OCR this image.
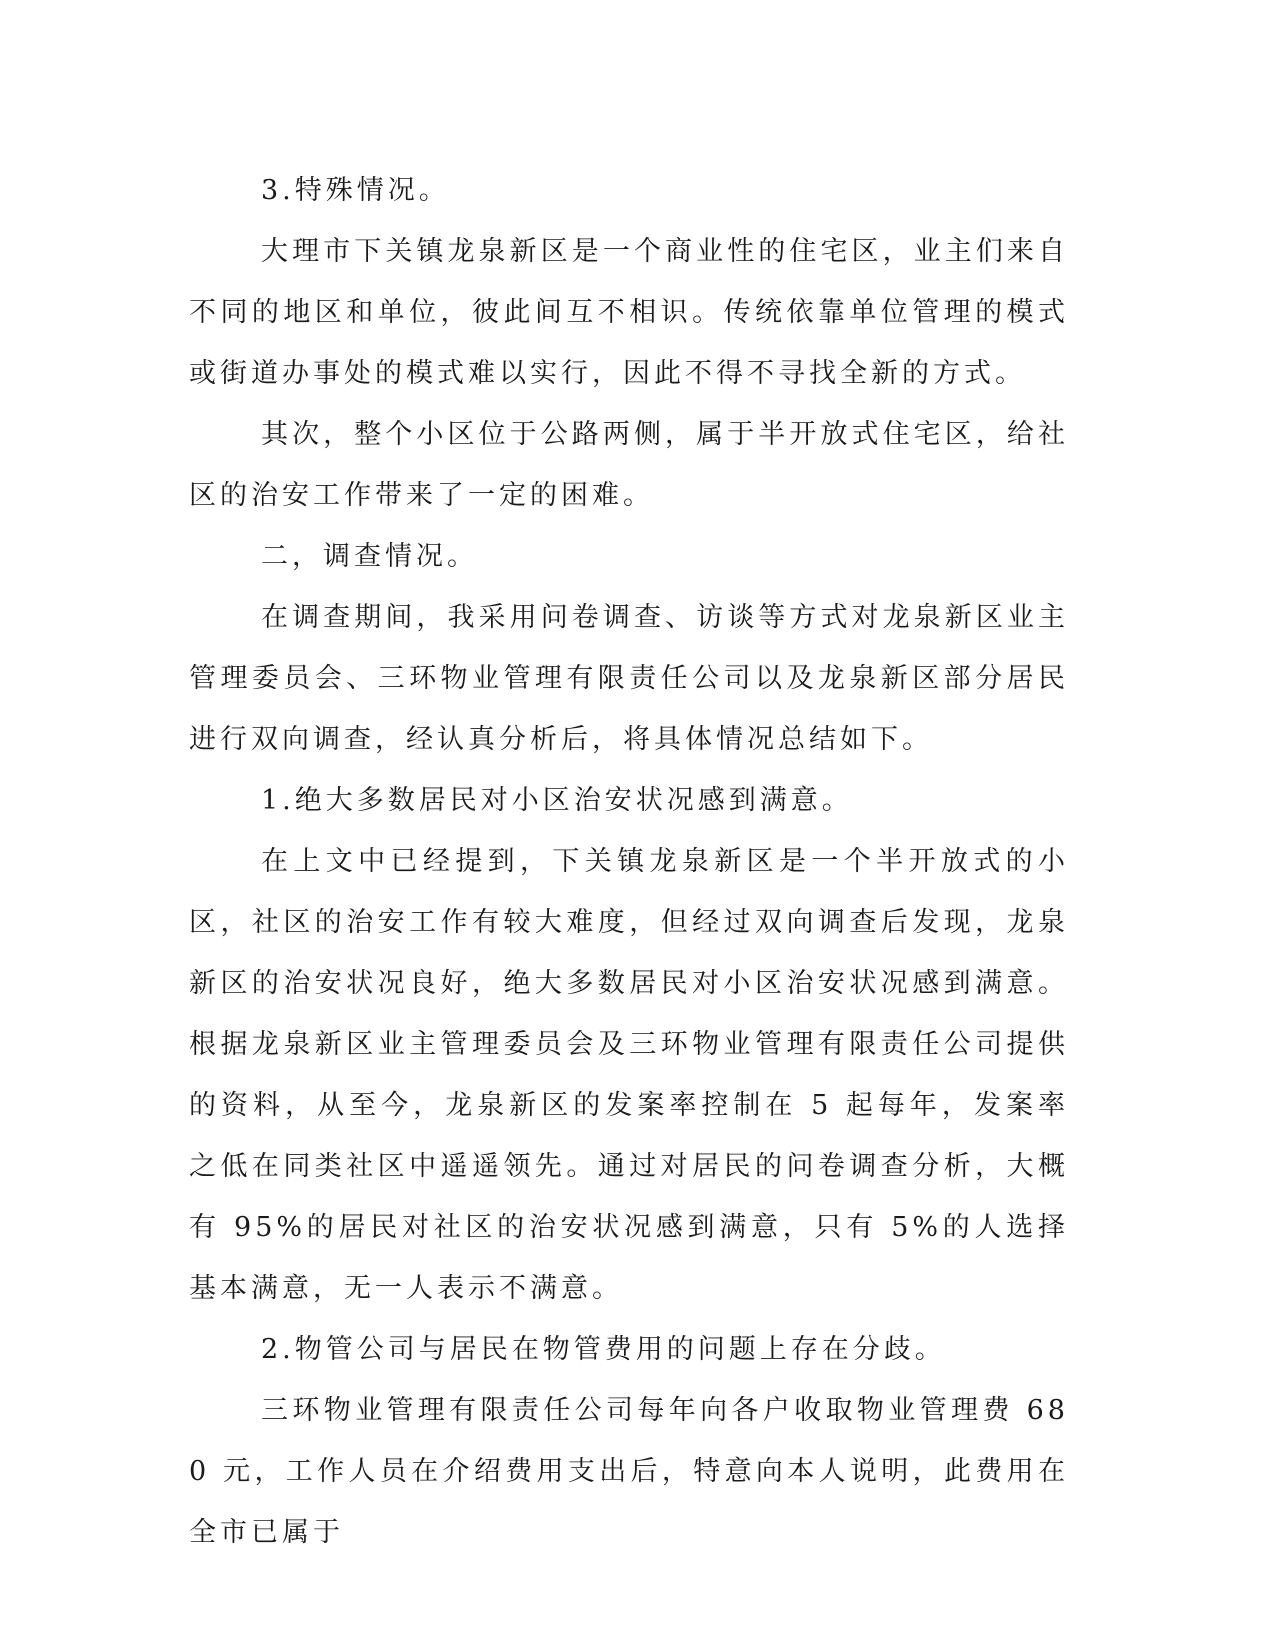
3.特殊情况。

大理市下关镇龙泉新区是一个商业性的住宅区，业主们来自不同的地区和单位，彼此间互不相识。传统依靠单位管理的模式或街道办事处的模式难以实行，因此不得不寻找全新的方式。

其次，整个小区位于公路两侧，属于半开放式住宅区，给社区的治安工作带来了一定的困难。

二，调查情况。

在调查期间，我采用问卷调查、访谈等方式对龙泉新区业主管理委员会、三环物业管理有限责任公司以及龙泉新区部分居民进行双向调查，经认真分析后，将具体情况总结如下。

1.绝大多数居民对小区治安状况感到满意。

在上文中已经提到，下关镇龙泉新区是一个半开放式的小区，社区的治安工作有较大难度，但经过双向调查后发现，龙泉新区的治安状况良好，绝大多数居民对小区治安状况感到满意。根据龙泉新区业主管理委员会及三环物业管理有限责任公司提供的资料，从至今，龙泉新区的发案率控制在 5 起每年，发案率之低在同类社区中遥遥领先。通过对居民的问卷调查分析，大概有 95%的居民对社区的治安状况感到满意，只有 5%的人选择基本满意，无一人表示不满意。

2.物管公司与居民在物管费用的问题上存在分歧。

三环物业管理有限责任公司每年向各户收取物业管理费 680 元，工作人员在介绍费用支出后，特意向本人说明，此费用在全市已属于
